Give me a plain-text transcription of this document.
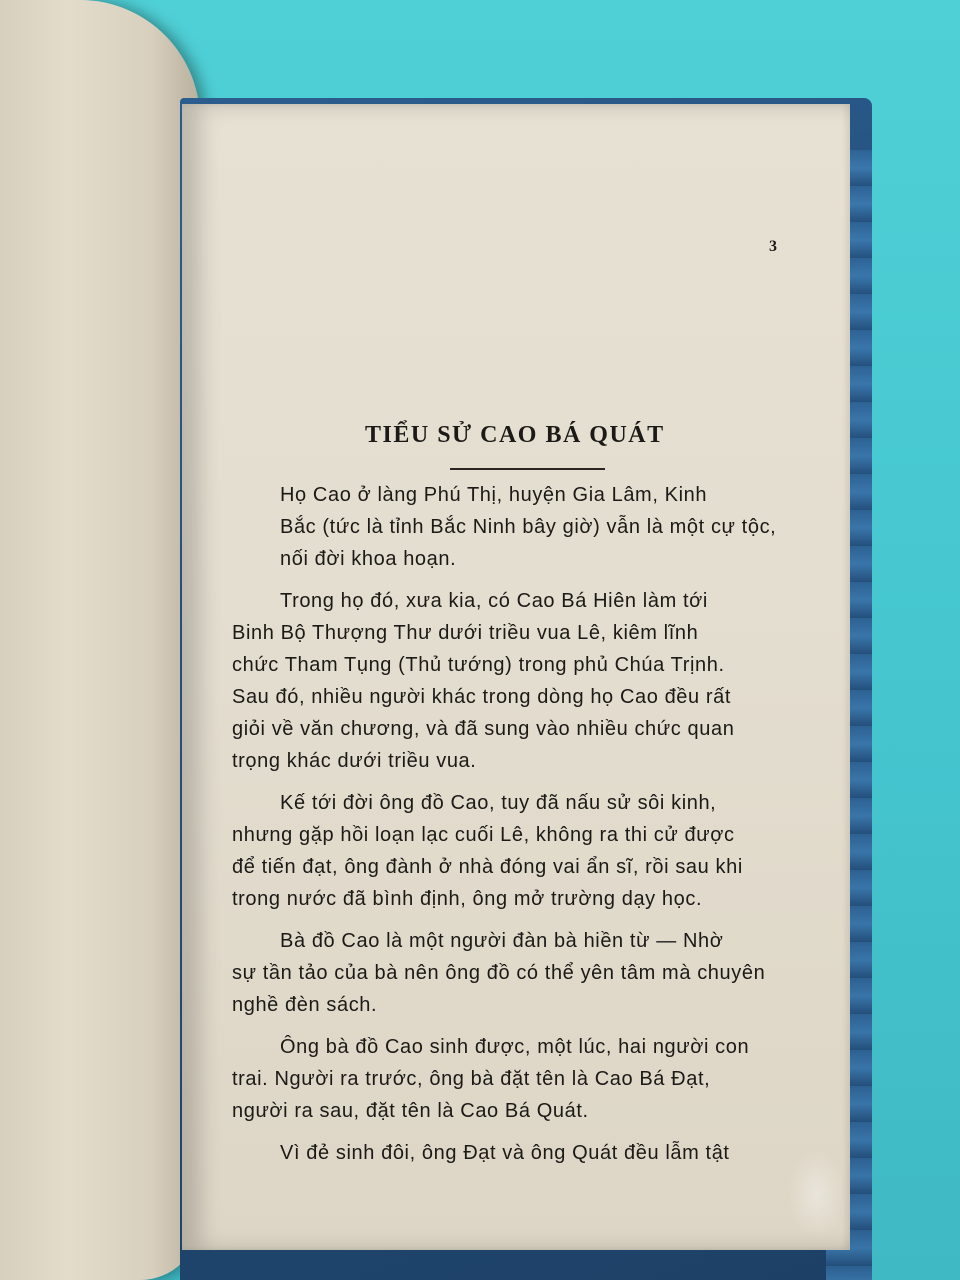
3
TIỂU SỬ CAO BÁ QUÁT

Họ Cao ở làng Phú Thị, huyện Gia Lâm, Kinh
Bắc (tức là tỉnh Bắc Ninh bây giờ) vẫn là một cự tộc,
nối đời khoa hoạn.

Trong họ đó, xưa kia, có Cao Bá Hiên làm tới
Binh Bộ Thượng Thư dưới triều vua Lê, kiêm lĩnh
chức Tham Tụng (Thủ tướng) trong phủ Chúa Trịnh.
Sau đó, nhiều người khác trong dòng họ Cao đều rất
giỏi về văn chương, và đã sung vào nhiều chức quan
trọng khác dưới triều vua.

Kế tới đời ông đồ Cao, tuy đã nấu sử sôi kinh,
nhưng gặp hồi loạn lạc cuối Lê, không ra thi cử được
để tiến đạt, ông đành ở nhà đóng vai ẩn sĩ, rồi sau khi
trong nước đã bình định, ông mở trường dạy học.

Bà đồ Cao là một người đàn bà hiền từ — Nhờ
sự tần tảo của bà nên ông đồ có thể yên tâm mà chuyên
nghề đèn sách.

Ông bà đồ Cao sinh được, một lúc, hai người con
trai. Người ra trước, ông bà đặt tên là Cao Bá Đạt,
người ra sau, đặt tên là Cao Bá Quát.

Vì đẻ sinh đôi, ông Đạt và ông Quát đều lẫm tật
